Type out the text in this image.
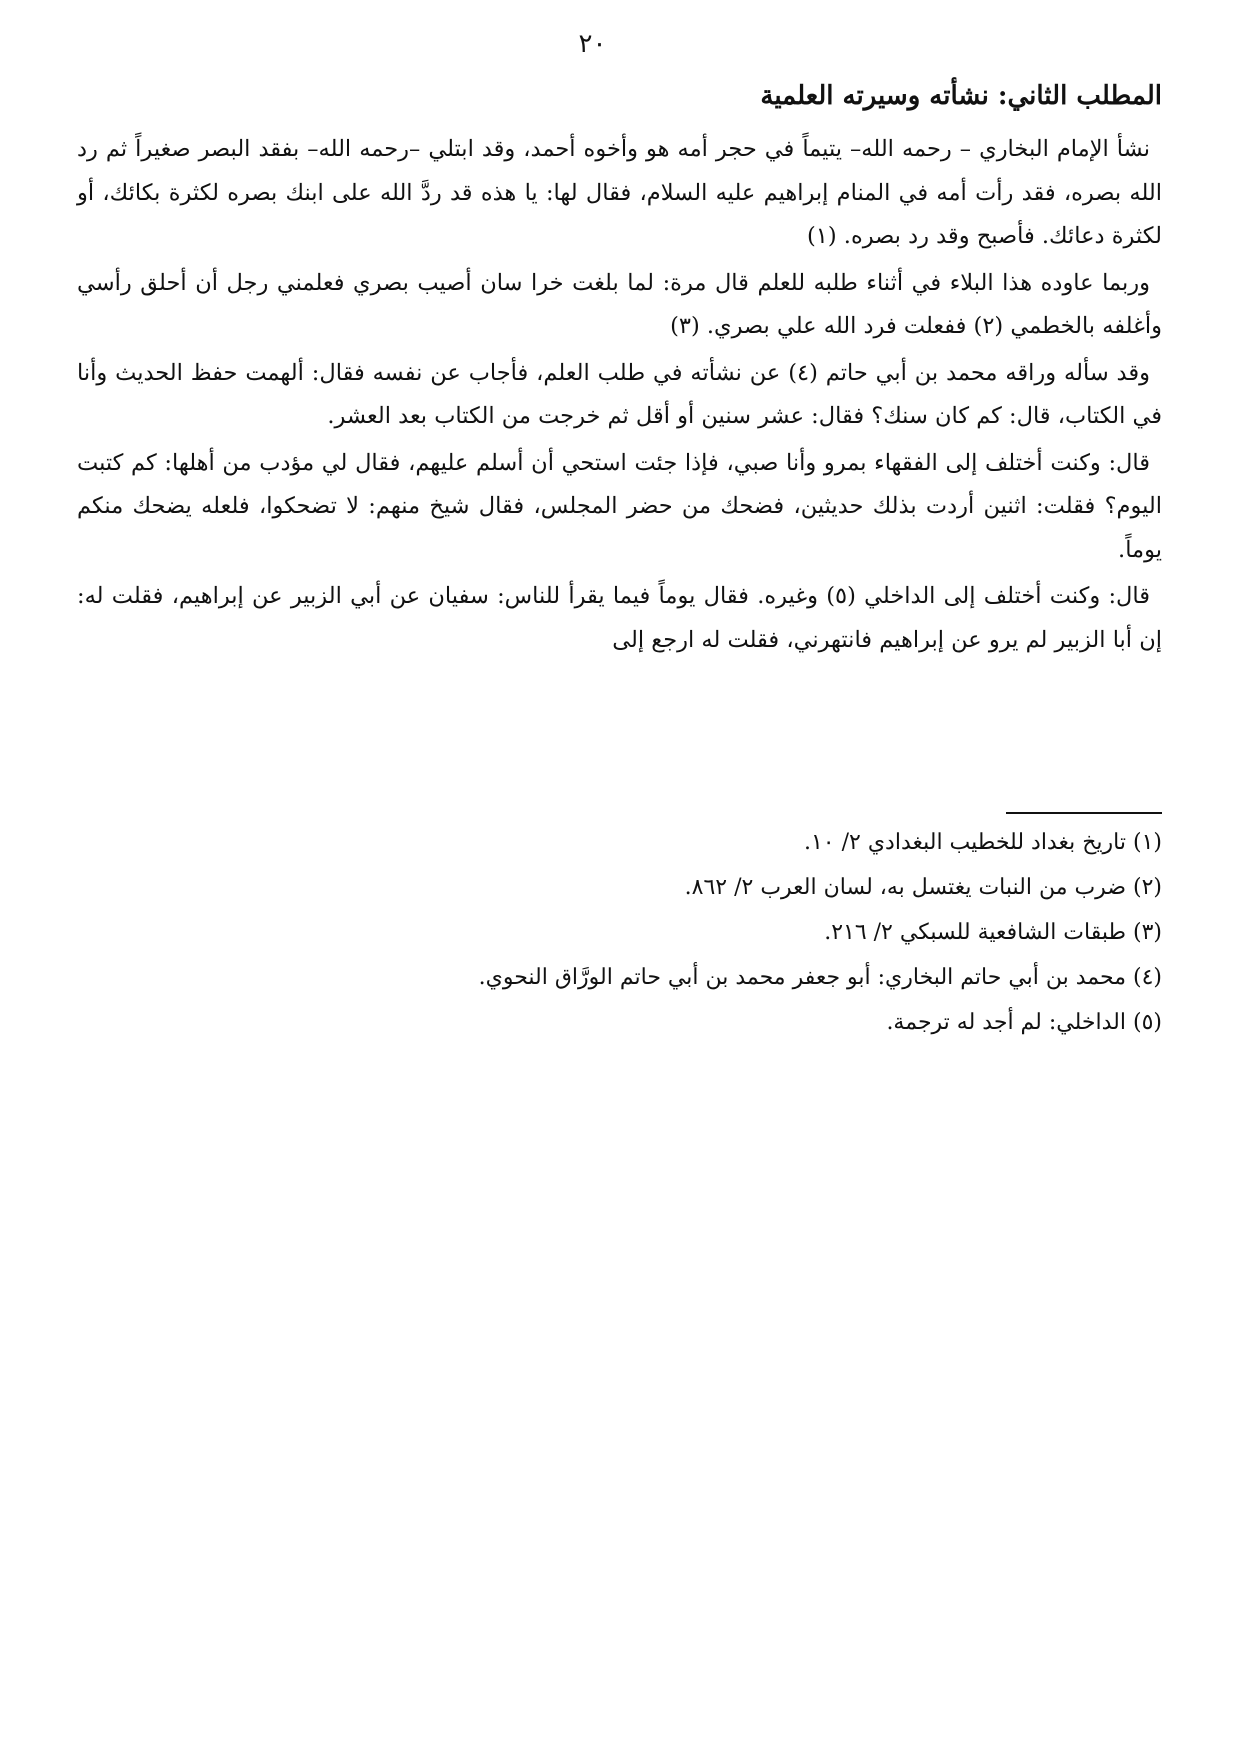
٢٠
المطلب الثاني: نشأته وسيرته العلمية

نشأ الإمام البخاري – رحمه الله– يتيماً في حجر أمه هو وأخوه أحمد، وقد ابتلي –رحمه الله– بفقد البصر صغيراً ثم رد الله بصره، فقد رأت أمه في المنام إبراهيم عليه السلام، فقال لها: يا هذه قد ردَّ الله على ابنك بصره لكثرة بكائك، أو لكثرة دعائك. فأصبح وقد رد بصره. (١)

وربما عاوده هذا البلاء في أثناء طلبه للعلم قال مرة: لما بلغت خرا سان أصيب بصري فعلمني رجل أن أحلق رأسي وأغلفه بالخطمي (٢) ففعلت فرد الله علي بصري. (٣)

وقد سأله وراقه محمد بن أبي حاتم (٤) عن نشأته في طلب العلم، فأجاب عن نفسه فقال: ألهمت حفظ الحديث وأنا في الكتاب، قال: كم كان سنك؟ فقال: عشر سنين أو أقل ثم خرجت من الكتاب بعد العشر.

قال: وكنت أختلف إلى الفقهاء بمرو وأنا صبي، فإذا جئت استحي أن أسلم عليهم، فقال لي مؤدب من أهلها: كم كتبت اليوم؟ فقلت: اثنين أردت بذلك حديثين، فضحك من حضر المجلس، فقال شيخ منهم: لا تضحكوا، فلعله يضحك منكم يوماً.

قال: وكنت أختلف إلى الداخلي (٥) وغيره. فقال يوماً فيما يقرأ للناس: سفيان عن أبي الزبير عن إبراهيم، فقلت له: إن أبا الزبير لم يرو عن إبراهيم فانتهرني، فقلت له ارجع إلى

(١) تاريخ بغداد للخطيب البغدادي ٢/ ١٠.
(٢) ضرب من النبات يغتسل به، لسان العرب ٢/ ٨٦٢.
(٣) طبقات الشافعية للسبكي ٢/ ٢١٦.
(٤) محمد بن أبي حاتم البخاري: أبو جعفر محمد بن أبي حاتم الورَّاق النحوي.
(٥) الداخلي: لم أجد له ترجمة.
